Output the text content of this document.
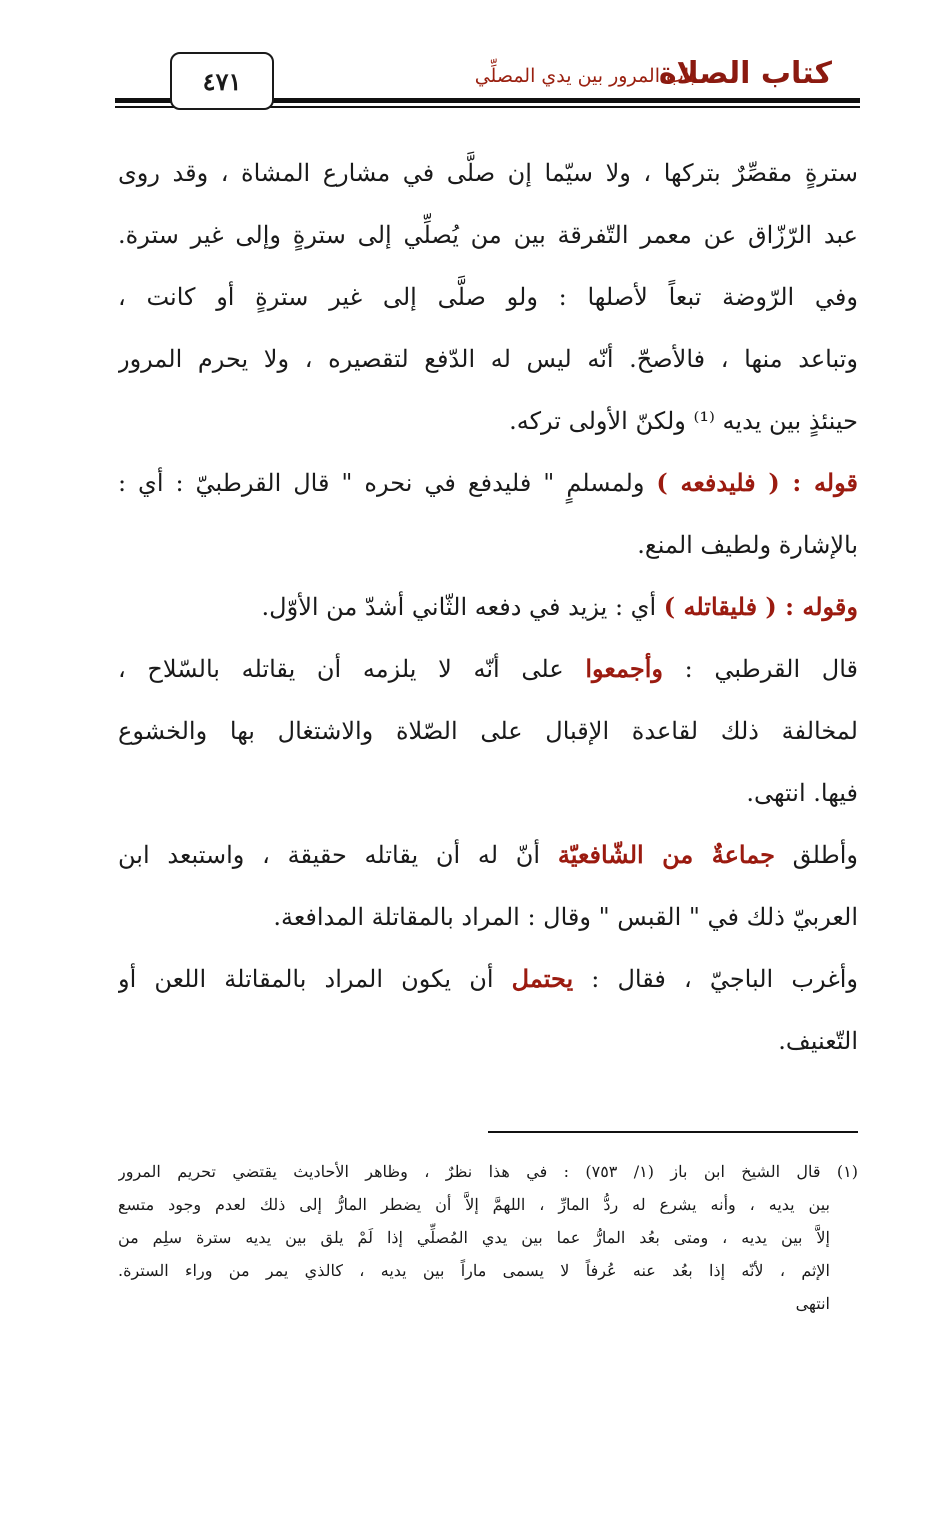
كتاب الصلاة
باب المرور بين يدي المصلِّي
٤٧١
سترةٍ مقصِّرٌ بتركها ، ولا سيّما إن صلَّى في مشارع المشاة ، وقد روى
عبد الرّزّاق عن معمر التّفرقة بين من يُصلِّي إلى سترةٍ وإلى غير سترة.
وفي الرّوضة تبعاً لأصلها : ولو صلَّى إلى غير سترةٍ أو كانت ،
وتباعد منها ، فالأصحّ. أنّه ليس له الدّفع لتقصيره ، ولا يحرم المرور
حينئذٍ بين يديه ⁽¹⁾ ولكنّ الأولى تركه.
قوله : ( فليدفعه ) ولمسلمٍ " فليدفع في نحره " قال القرطبيّ : أي :
بالإشارة ولطيف المنع.
وقوله : ( فليقاتله ) أي : يزيد في دفعه الثّاني أشدّ من الأوّل.
قال القرطبي : وأجمعوا على أنّه لا يلزمه أن يقاتله بالسّلاح ،
لمخالفة ذلك لقاعدة الإقبال على الصّلاة والاشتغال بها والخشوع
فيها. انتهى.
وأطلق جماعةٌ من الشّافعيّة أنّ له أن يقاتله حقيقة ، واستبعد ابن
العربيّ ذلك في " القبس " وقال : المراد بالمقاتلة المدافعة.
وأغرب الباجيّ ، فقال : يحتمل أن يكون المراد بالمقاتلة اللعن أو
التّعنيف.
(١) قال الشيخ ابن باز (١/ ٧٥٣) : في هذا نظرٌ ، وظاهر الأحاديث يقتضي تحريم المرور
بين يديه ، وأنه يشرع له ردُّ المارِّ ، اللهمَّ إلاَّ أن يضطر المارُّ إلى ذلك لعدم وجود متسع
إلاَّ بين يديه ، ومتى بعُد المارُّ عما بين يدي المُصلِّي إذا لَمْ يلق بين يديه سترة سلِم من
الإثم ، لأنّه إذا بعُد عنه عُرفاً لا يسمى ماراً بين يديه ، كالذي يمر من وراء السترة.
انتهى
